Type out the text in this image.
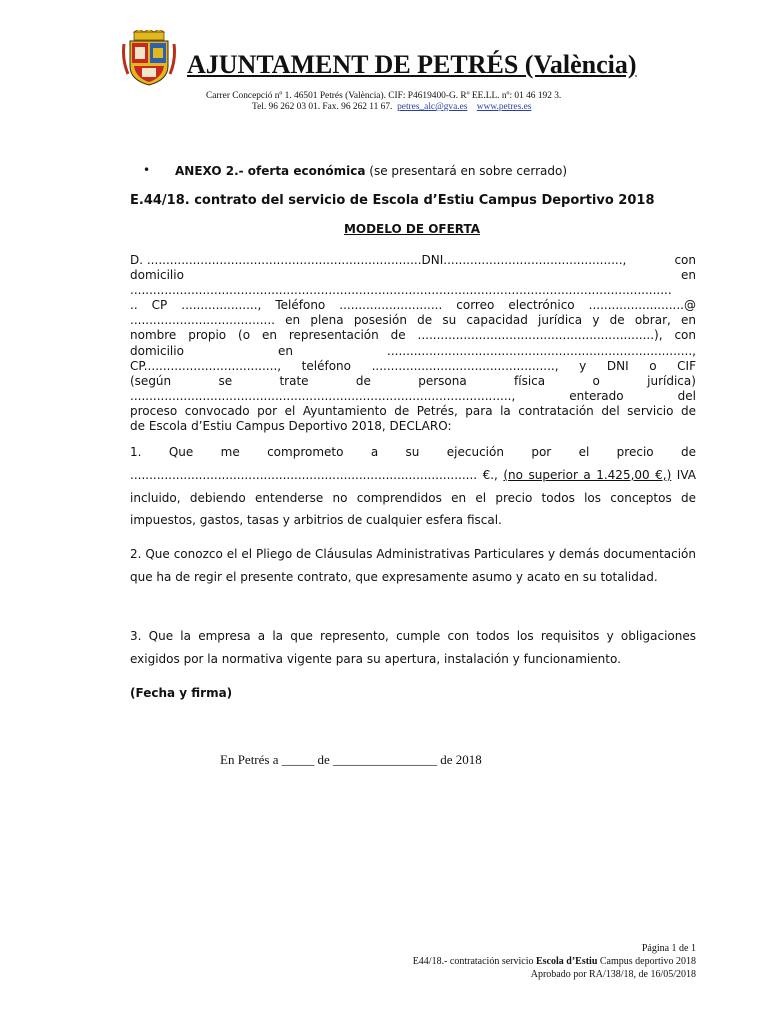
AJUNTAMENT DE PETRÉS (València)
Carrer Concepció nº 1. 46501 Petrés (València). CIF: P4619400-G. Rº EE.LL. nº: 01 46 192 3.
Tel. 96 262 03 01. Fax. 96 262 11 67. petres_alc@gva.es www.petres.es
• ANEXO 2.- oferta económica (se presentará en sobre cerrado)
E.44/18. contrato del servicio de Escola d’Estiu Campus Deportivo 2018
MODELO DE OFERTA
D. ........................................................................DNI...............................................,	con
domicilio	en
..............................................................................................................................................
.. CP ...................., Teléfono ........................... correo electrónico .........................@
...................................... en plena posesión de su capacidad jurídica y de obrar, en
nombre propio (o en representación de ..............................................................), con
domicilio	en	................................................................................,
CP..................................., teléfono ................................................, y DNI o CIF
(según	se	trate	de	persona	física	o	jurídica)
...................................................................................................., enterado del
proceso convocado por el Ayuntamiento de Petrés, para la contratación del servicio de
de Escola d’Estiu Campus Deportivo 2018, DECLARO:
1. Que me comprometo a su ejecución por el precio de ........................................................................................... €., (no superior a 1.425,00 €,) IVA incluido, debiendo entenderse no comprendidos en el precio todos los conceptos de impuestos, gastos, tasas y arbitrios de cualquier esfera fiscal.
2. Que conozco el el Pliego de Cláusulas Administrativas Particulares y demás documentación que ha de regir el presente contrato, que expresamente asumo y acato en su totalidad.
3. Que la empresa a la que represento, cumple con todos los requisitos y obligaciones exigidos por la normativa vigente para su apertura, instalación y funcionamiento.
(Fecha y firma)
En Petrés a _____ de ________________ de 2018
Página 1 de 1
E44/18.- contratación servicio Escola d’Estiu Campus deportivo 2018
Aprobado por RA/138/18, de 16/05/2018
